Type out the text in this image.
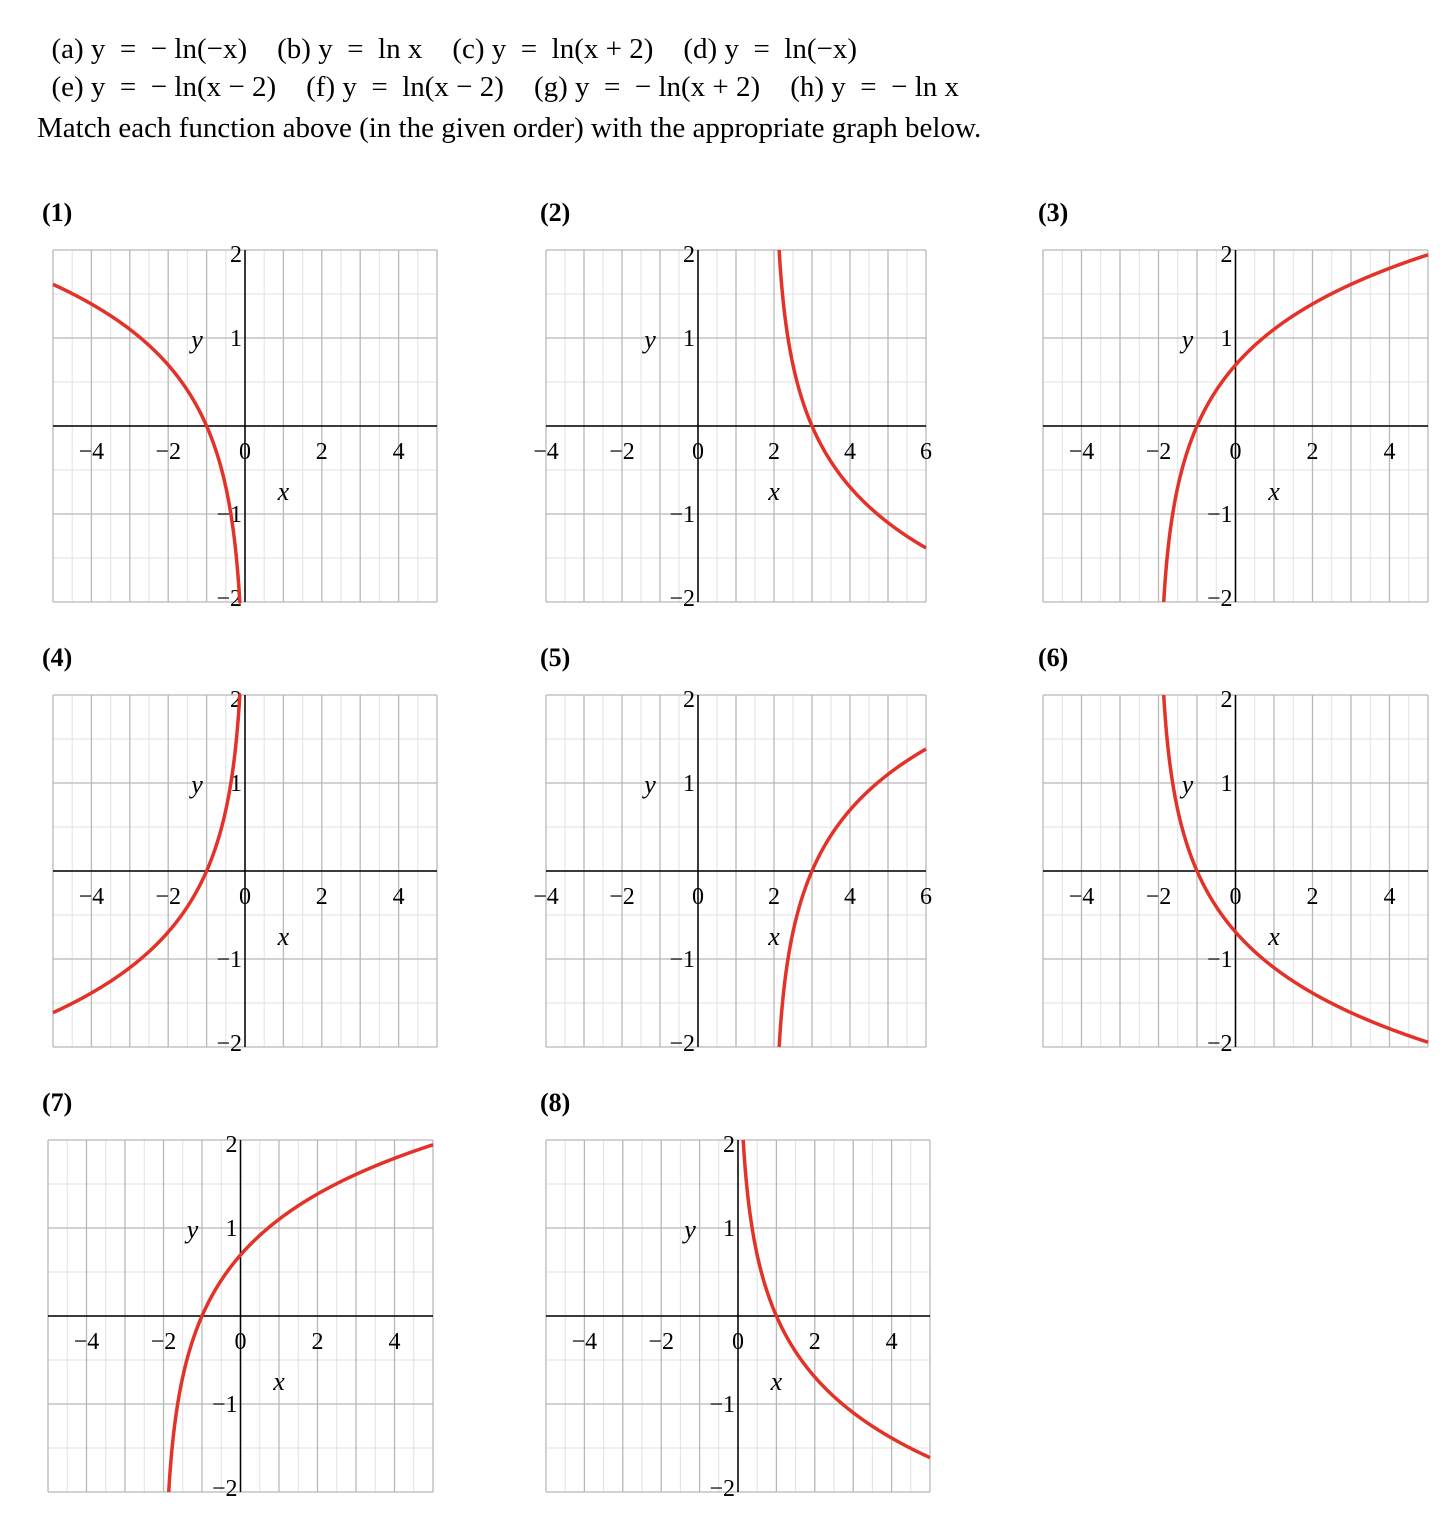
(a) y  =  − ln(−x) (b) y  =  ln x (c) y  =  ln(x + 2) (d) y  =  ln(−x)

(e) y  =  − ln(x − 2) (f) y  =  ln(x − 2) (g) y  =  − ln(x + 2) (h) y  =  − ln x

Match each function above (in the given order) with the appropriate graph below.
(1)
−4 −2 0	2	4
2
1
−1
−2
x
y
(2)
−4 −2 0	2	4	6
2
1
−1
−2
x
y
(3)
−4 −2 0	2	4
2
1
−1
−2
x
y
(4)
−4 −2 0	2	4
2
1
−1
−2
x
y
(5)
−4 −2 0	2	4	6
2
1
−1
−2
x
y
(6)
−4 −2 0	2	4
2
1
−1
−2
x
y
(7)
−4 −2 0	2	4
2
1
−1
−2
x
y
(8)
−4 −2 0	2	4
2
1
−1
−2
x
y
